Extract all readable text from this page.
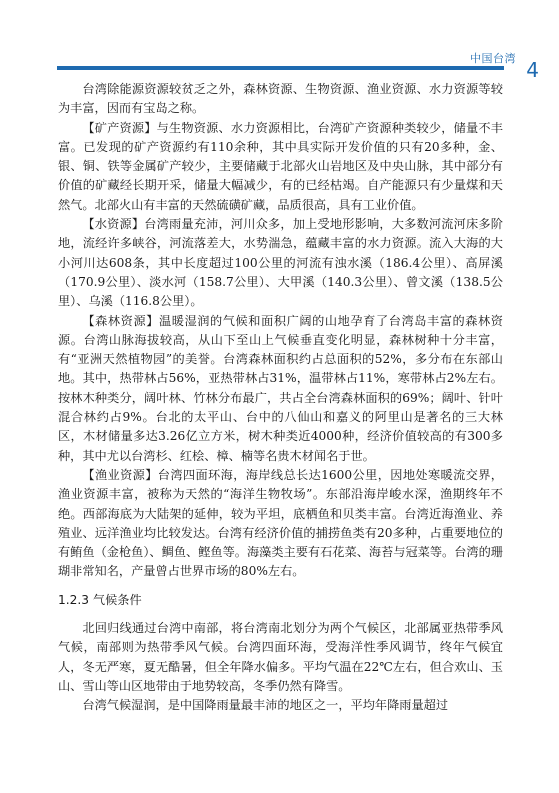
中国台湾 4

台湾除能源资源较贫乏之外，森林资源、生物资源、渔业资源、水力资源等较为丰富，因而有宝岛之称。

【矿产资源】与生物资源、水力资源相比，台湾矿产资源种类较少，储量不丰富。已发现的矿产资源约有110余种，其中具实际开发价值的只有20多种，金、银、铜、铁等金属矿产较少，主要储藏于北部火山岩地区及中央山脉，其中部分有价值的矿藏经长期开采，储量大幅减少，有的已经枯竭。自产能源只有少量煤和天然气。北部火山有丰富的天然硫磺矿藏，品质很高，具有工业价值。

【水资源】台湾雨量充沛，河川众多，加上受地形影响，大多数河流河床多阶地，流经许多峡谷，河流落差大，水势湍急，蕴藏丰富的水力资源。流入大海的大小河川达608条，其中长度超过100公里的河流有浊水溪（186.4公里）、高屏溪（170.9公里）、淡水河（158.7公里）、大甲溪（140.3公里）、曾文溪（138.5公里）、乌溪（116.8公里）。

【森林资源】温暖湿润的气候和面积广阔的山地孕育了台湾岛丰富的森林资源。台湾山脉海拔较高，从山下至山上气候垂直变化明显，森林树种十分丰富，有“亚洲天然植物园”的美誉。台湾森林面积约占总面积的52%，多分布在东部山地。其中，热带林占56%，亚热带林占31%，温带林占11%，寒带林占2%左右。按林木种类分，阔叶林、竹林分布最广，共占全台湾森林面积的69%；阔叶、针叶混合林约占9%。台北的太平山、台中的八仙山和嘉义的阿里山是著名的三大林区，木材储量多达3.26亿立方米，树木种类近4000种，经济价值较高的有300多种，其中尤以台湾杉、红桧、樟、楠等名贵木材闻名于世。

【渔业资源】台湾四面环海，海岸线总长达1600公里，因地处寒暖流交界，渔业资源丰富，被称为天然的“海洋生物牧场”。东部沿海岸峻水深，渔期终年不绝。西部海底为大陆架的延伸，较为平坦，底栖鱼和贝类丰富。台湾近海渔业、养殖业、远洋渔业均比较发达。台湾有经济价值的捕捞鱼类有20多种，占重要地位的有鲔鱼（金枪鱼）、鲷鱼、鲣鱼等。海藻类主要有石花菜、海苔与冠菜等。台湾的珊瑚非常知名，产量曾占世界市场的80%左右。

1.2.3 气候条件

北回归线通过台湾中南部，将台湾南北划分为两个气候区，北部属亚热带季风气候，南部则为热带季风气候。台湾四面环海，受海洋性季风调节，终年气候宜人，冬无严寒，夏无酷暑，但全年降水偏多。平均气温在22℃左右，但合欢山、玉山、雪山等山区地带由于地势较高，冬季仍然有降雪。

台湾气候湿润，是中国降雨量最丰沛的地区之一，平均年降雨量超过
